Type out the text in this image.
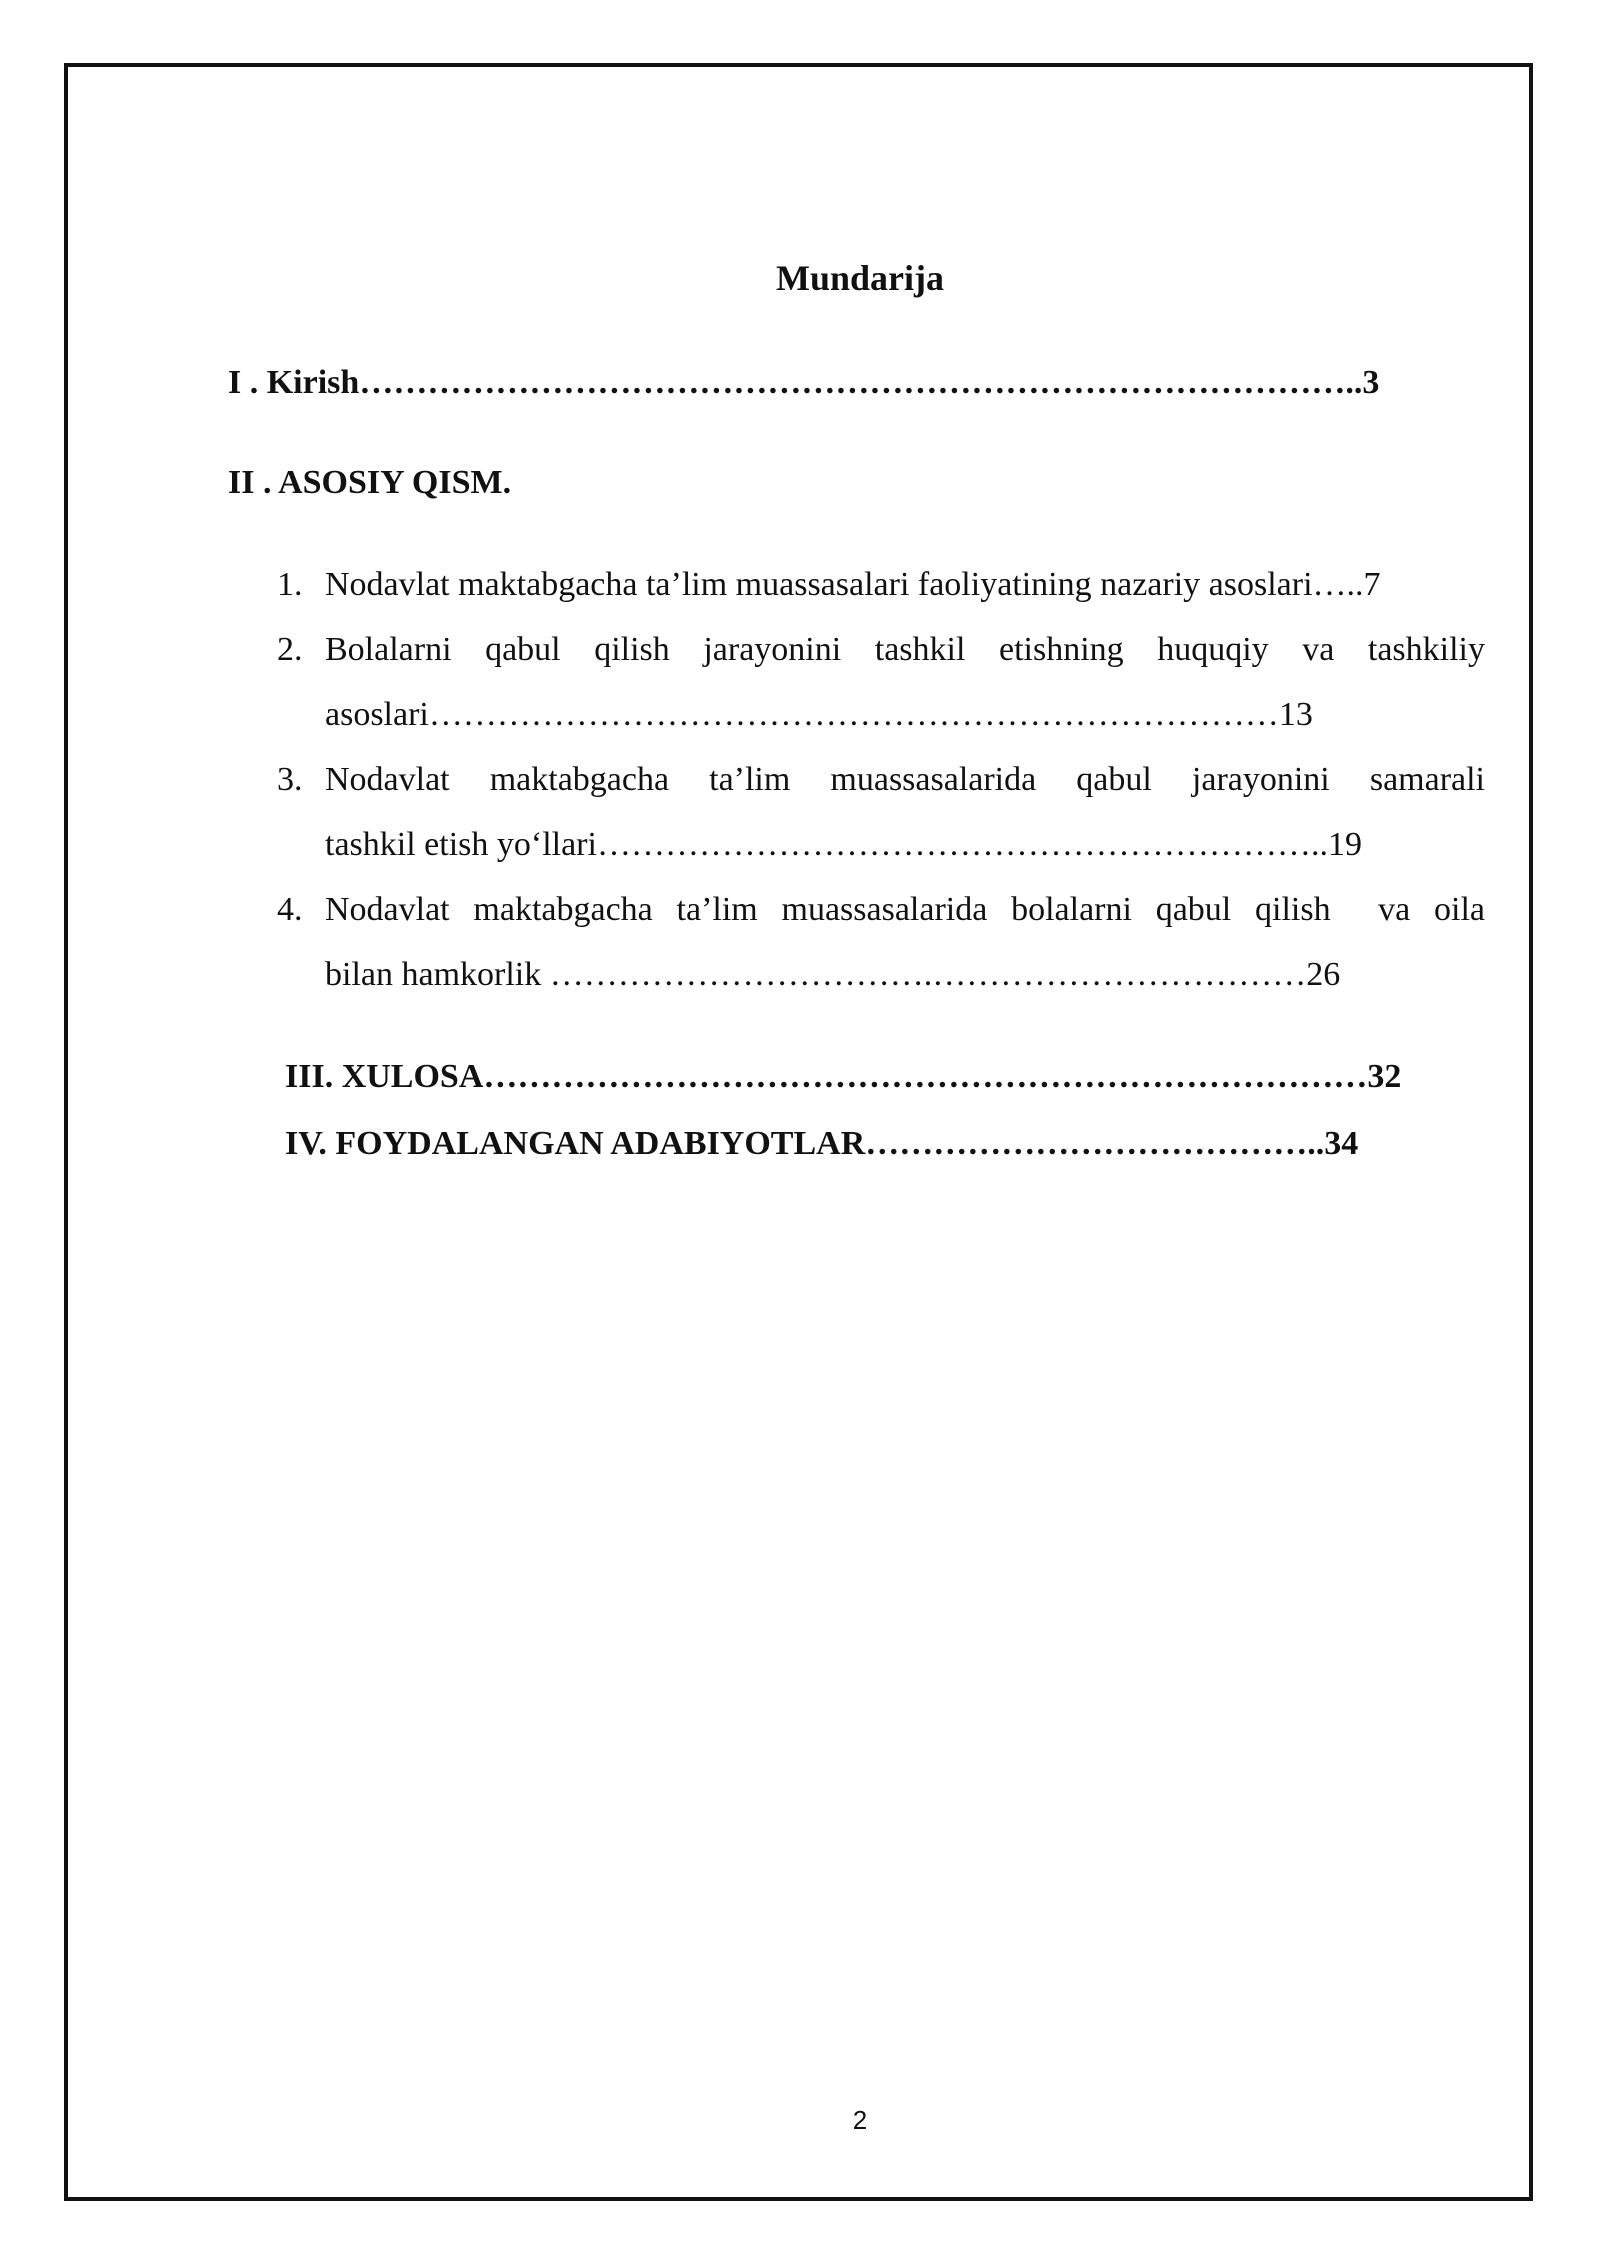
Mundarija
I . Kirish……………………………………………………………………………..3
II . ASOSIY QISM.
1. Nodavlat maktabgacha ta’lim muassasalari faoliyatining nazariy asoslari…..7
2. Bolalarni qabul qilish jarayonini tashkil etishning huquqiy va tashkiliy
asoslari…………………………………………………………………13
3. Nodavlat maktabgacha ta’lim muassasalarida qabul jarayonini samarali
tashkil etish yo‘llari………………………………………………………..19
4. Nodavlat maktabgacha ta’lim muassasalarida bolalarni qabul qilish  va oila
bilan hamkorlik …………………………….……………………………26
III. XULOSA……………………………………………………………………32
IV. FOYDALANGAN ADABIYOTLAR…………………………………..34
2
